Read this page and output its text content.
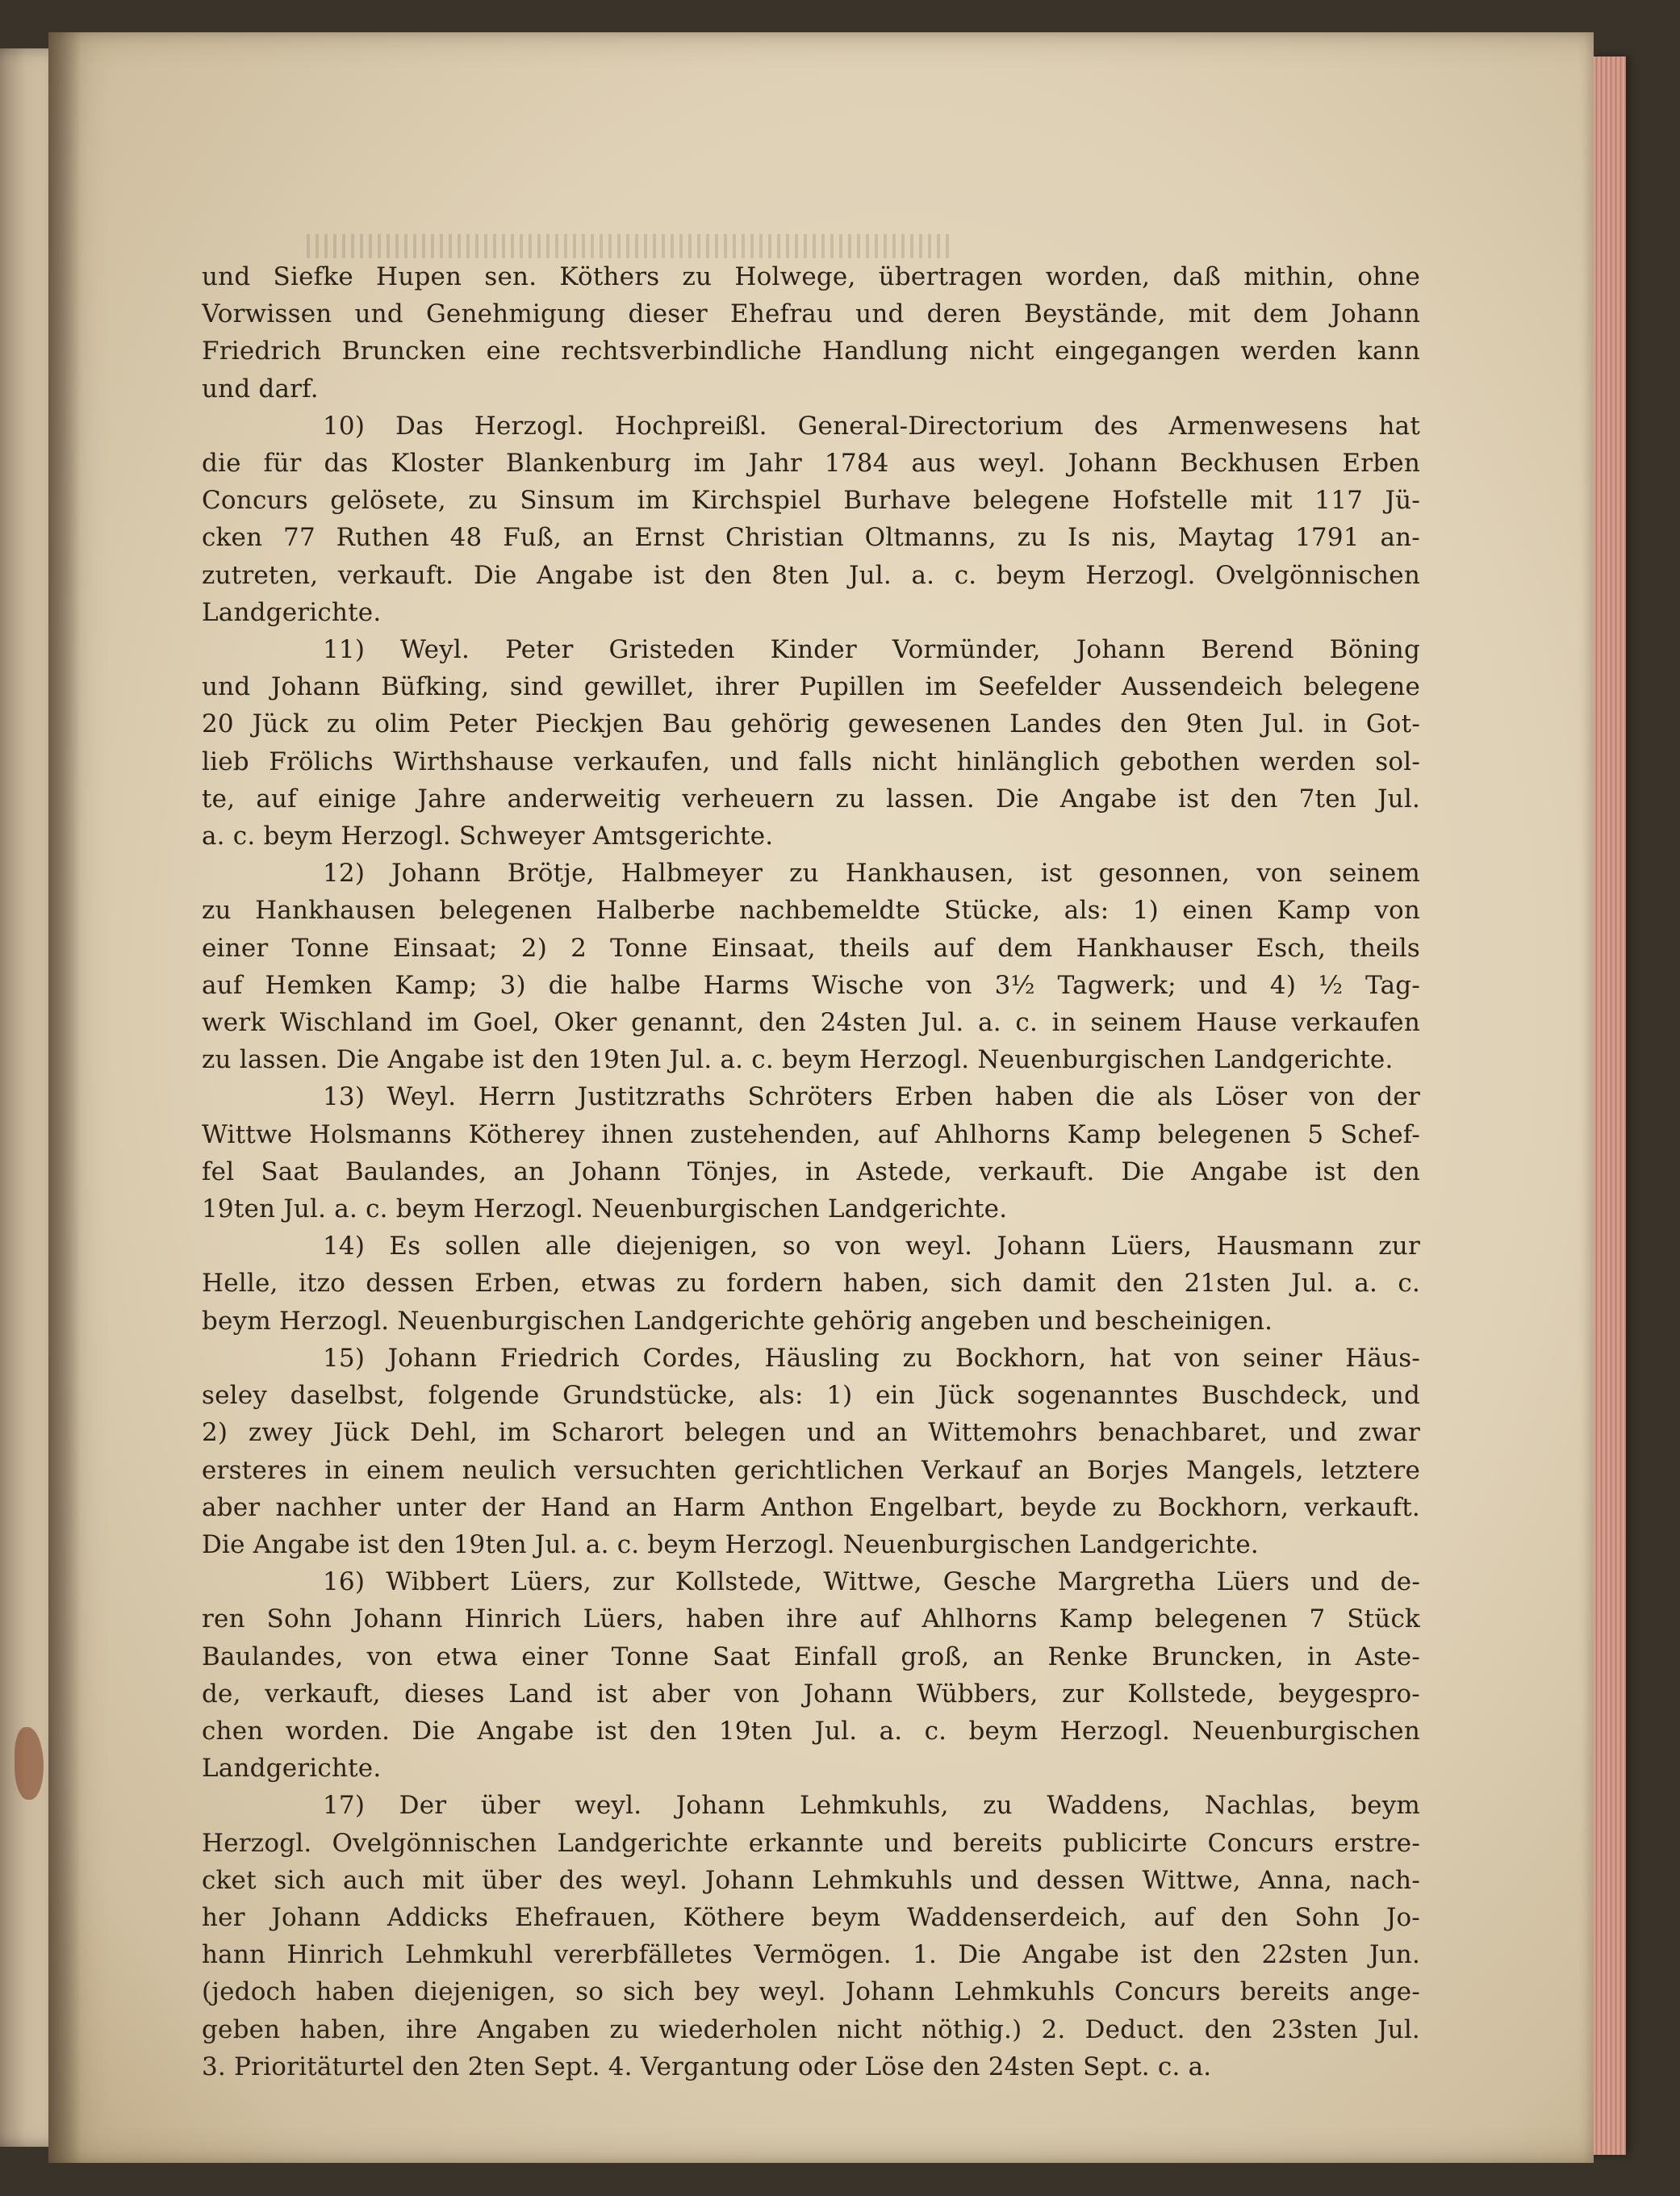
und Siefke Hupen sen. Köthers zu Holwege, übertragen worden, daß mithin, ohne
Vorwissen und Genehmigung dieser Ehefrau und deren Beystände, mit dem Johann
Friedrich Bruncken eine rechtsverbindliche Handlung nicht eingegangen werden kann
und darf.
10) Das Herzogl. Hochpreißl. General-Directorium des Armenwesens hat
die für das Kloster Blankenburg im Jahr 1784 aus weyl. Johann Beckhusen Erben
Concurs gelösete, zu Sinsum im Kirchspiel Burhave belegene Hofstelle mit 117 Jü-
cken 77 Ruthen 48 Fuß, an Ernst Christian Oltmanns, zu Is nis, Maytag 1791 an-
zutreten, verkauft. Die Angabe ist den 8ten Jul. a. c. beym Herzogl. Ovelgönnischen
Landgerichte.
11) Weyl. Peter Gristeden Kinder Vormünder, Johann Berend Böning
und Johann Büfking, sind gewillet, ihrer Pupillen im Seefelder Aussendeich belegene
20 Jück zu olim Peter Pieckjen Bau gehörig gewesenen Landes den 9ten Jul. in Got-
lieb Frölichs Wirthshause verkaufen, und falls nicht hinlänglich gebothen werden sol-
te, auf einige Jahre anderweitig verheuern zu lassen. Die Angabe ist den 7ten Jul.
a. c. beym Herzogl. Schweyer Amtsgerichte.
12) Johann Brötje, Halbmeyer zu Hankhausen, ist gesonnen, von seinem
zu Hankhausen belegenen Halberbe nachbemeldte Stücke, als: 1) einen Kamp von
einer Tonne Einsaat; 2) 2 Tonne Einsaat, theils auf dem Hankhauser Esch, theils
auf Hemken Kamp; 3) die halbe Harms Wische von 3½ Tagwerk; und 4) ½ Tag-
werk Wischland im Goel, Oker genannt, den 24sten Jul. a. c. in seinem Hause verkaufen
zu lassen. Die Angabe ist den 19ten Jul. a. c. beym Herzogl. Neuenburgischen Landgerichte.
13) Weyl. Herrn Justitzraths Schröters Erben haben die als Löser von der
Wittwe Holsmanns Kötherey ihnen zustehenden, auf Ahlhorns Kamp belegenen 5 Schef-
fel Saat Baulandes, an Johann Tönjes, in Astede, verkauft. Die Angabe ist den
19ten Jul. a. c. beym Herzogl. Neuenburgischen Landgerichte.
14) Es sollen alle diejenigen, so von weyl. Johann Lüers, Hausmann zur
Helle, itzo dessen Erben, etwas zu fordern haben, sich damit den 21sten Jul. a. c.
beym Herzogl. Neuenburgischen Landgerichte gehörig angeben und bescheinigen.
15) Johann Friedrich Cordes, Häusling zu Bockhorn, hat von seiner Häus-
seley daselbst, folgende Grundstücke, als: 1) ein Jück sogenanntes Buschdeck, und
2) zwey Jück Dehl, im Scharort belegen und an Wittemohrs benachbaret, und zwar
ersteres in einem neulich versuchten gerichtlichen Verkauf an Borjes Mangels, letztere
aber nachher unter der Hand an Harm Anthon Engelbart, beyde zu Bockhorn, verkauft.
Die Angabe ist den 19ten Jul. a. c. beym Herzogl. Neuenburgischen Landgerichte.
16) Wibbert Lüers, zur Kollstede, Wittwe, Gesche Margretha Lüers und de-
ren Sohn Johann Hinrich Lüers, haben ihre auf Ahlhorns Kamp belegenen 7 Stück
Baulandes, von etwa einer Tonne Saat Einfall groß, an Renke Bruncken, in Aste-
de, verkauft, dieses Land ist aber von Johann Wübbers, zur Kollstede, beygespro-
chen worden. Die Angabe ist den 19ten Jul. a. c. beym Herzogl. Neuenburgischen
Landgerichte.
17) Der über weyl. Johann Lehmkuhls, zu Waddens, Nachlas, beym
Herzogl. Ovelgönnischen Landgerichte erkannte und bereits publicirte Concurs erstre-
cket sich auch mit über des weyl. Johann Lehmkuhls und dessen Wittwe, Anna, nach-
her Johann Addicks Ehefrauen, Köthere beym Waddenserdeich, auf den Sohn Jo-
hann Hinrich Lehmkuhl vererbfälletes Vermögen. 1. Die Angabe ist den 22sten Jun.
(jedoch haben diejenigen, so sich bey weyl. Johann Lehmkuhls Concurs bereits ange-
geben haben, ihre Angaben zu wiederholen nicht nöthig.) 2. Deduct. den 23sten Jul.
3. Prioritäturtel den 2ten Sept. 4. Vergantung oder Löse den 24sten Sept. c. a.
